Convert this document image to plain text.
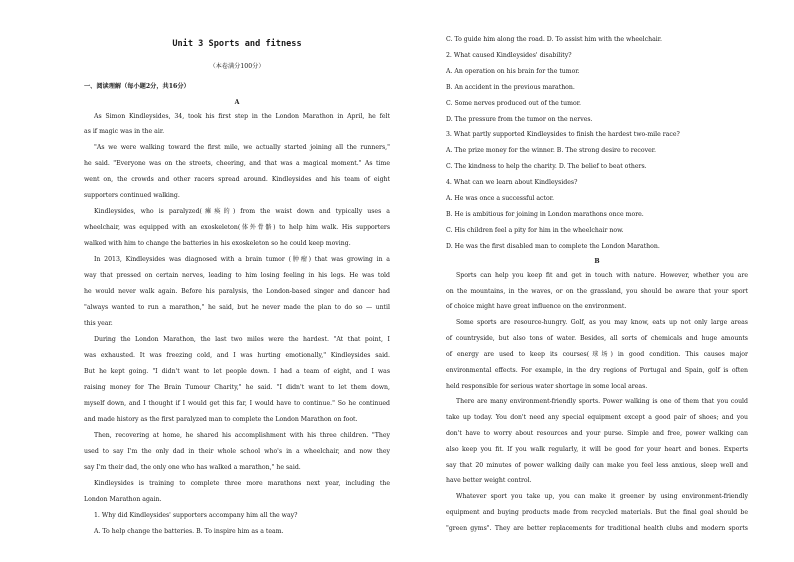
Unit 3 Sports and fitness
（本卷满分100分）
一、阅读理解（每小题2分，共16分）
A
As Simon Kindleysides, 34, took his first step in the London Marathon in April, he felt
as if magic was in the air.
"As we were walking toward the first mile, we actually started joining all the runners,"
he said. "Everyone was on the streets, cheering, and that was a magical moment." As time
went on, the crowds and other racers spread around. Kindleysides and his team of eight
supporters continued walking.
Kindleysides, who is paralyzed(瘫痪的) from the waist down and typically uses a
wheelchair, was equipped with an exoskeleton(体外骨骼) to help him walk. His supporters
walked with him to change the batteries in his exoskeleton so he could keep moving.
In 2013, Kindleysides was diagnosed with a brain tumor (肿瘤) that was growing in a
way that pressed on certain nerves, leading to him losing feeling in his legs. He was told
he would never walk again. Before his paralysis, the London-based singer and dancer had
"always wanted to run a marathon," he said, but he never made the plan to do so — until
this year.
During the London Marathon, the last two miles were the hardest. "At that point, I
was exhausted. It was freezing cold, and I was hurting emotionally," Kindleysides said.
But he kept going. "I didn't want to let people down. I had a team of eight, and I was
raising money for The Brain Tumour Charity," he said. "I didn't want to let them down,
myself down, and I thought if I would get this far, I would have to continue." So he continued
and made history as the first paralyzed man to complete the London Marathon on foot.
Then, recovering at home, he shared his accomplishment with his three children. "They
used to say I'm the only dad in their whole school who's in a wheelchair, and now they
say I'm their dad, the only one who has walked a marathon," he said.
Kindleysides is training to complete three more marathons next year, including the
London Marathon again.
1. Why did Kindleysides' supporters accompany him all the way?
A. To help change the batteries. B. To inspire him as a team.
C. To guide him along the road. D. To assist him with the wheelchair.
2. What caused Kindleysides' disability?
A. An operation on his brain for the tumor.
B. An accident in the previous marathon.
C. Some nerves produced out of the tumor.
D. The pressure from the tumor on the nerves.
3. What partly supported Kindleysides to finish the hardest two-mile race?
A. The prize money for the winner. B. The strong desire to recover.
C. The kindness to help the charity. D. The belief to beat others.
4. What can we learn about Kindleysides?
A. He was once a successful actor.
B. He is ambitious for joining in London marathons once more.
C. His children feel a pity for him in the wheelchair now.
D. He was the first disabled man to complete the London Marathon.
B
Sports can help you keep fit and get in touch with nature. However, whether you are
on the mountains, in the waves, or on the grassland, you should be aware that your sport
of choice might have great influence on the environment.
Some sports are resource-hungry. Golf, as you may know, eats up not only large areas
of countryside, but also tons of water. Besides, all sorts of chemicals and huge amounts
of energy are used to keep its courses(球场) in good condition. This causes major
environmental effects. For example, in the dry regions of Portugal and Spain, golf is often
held responsible for serious water shortage in some local areas.
There are many environment-friendly sports. Power walking is one of them that you could
take up today. You don't need any special equipment except a good pair of shoes; and you
don't have to worry about resources and your purse. Simple and free, power walking can
also keep you fit. If you walk regularly, it will be good for your heart and bones. Experts
say that 20 minutes of power walking daily can make you feel less anxious, sleep well and
have better weight control.
Whatever sport you take up, you can make it greener by using environment-friendly
equipment and buying products made from recycled materials. But the final goal should be
"green gyms". They are better replacements for traditional health clubs and modern sports
